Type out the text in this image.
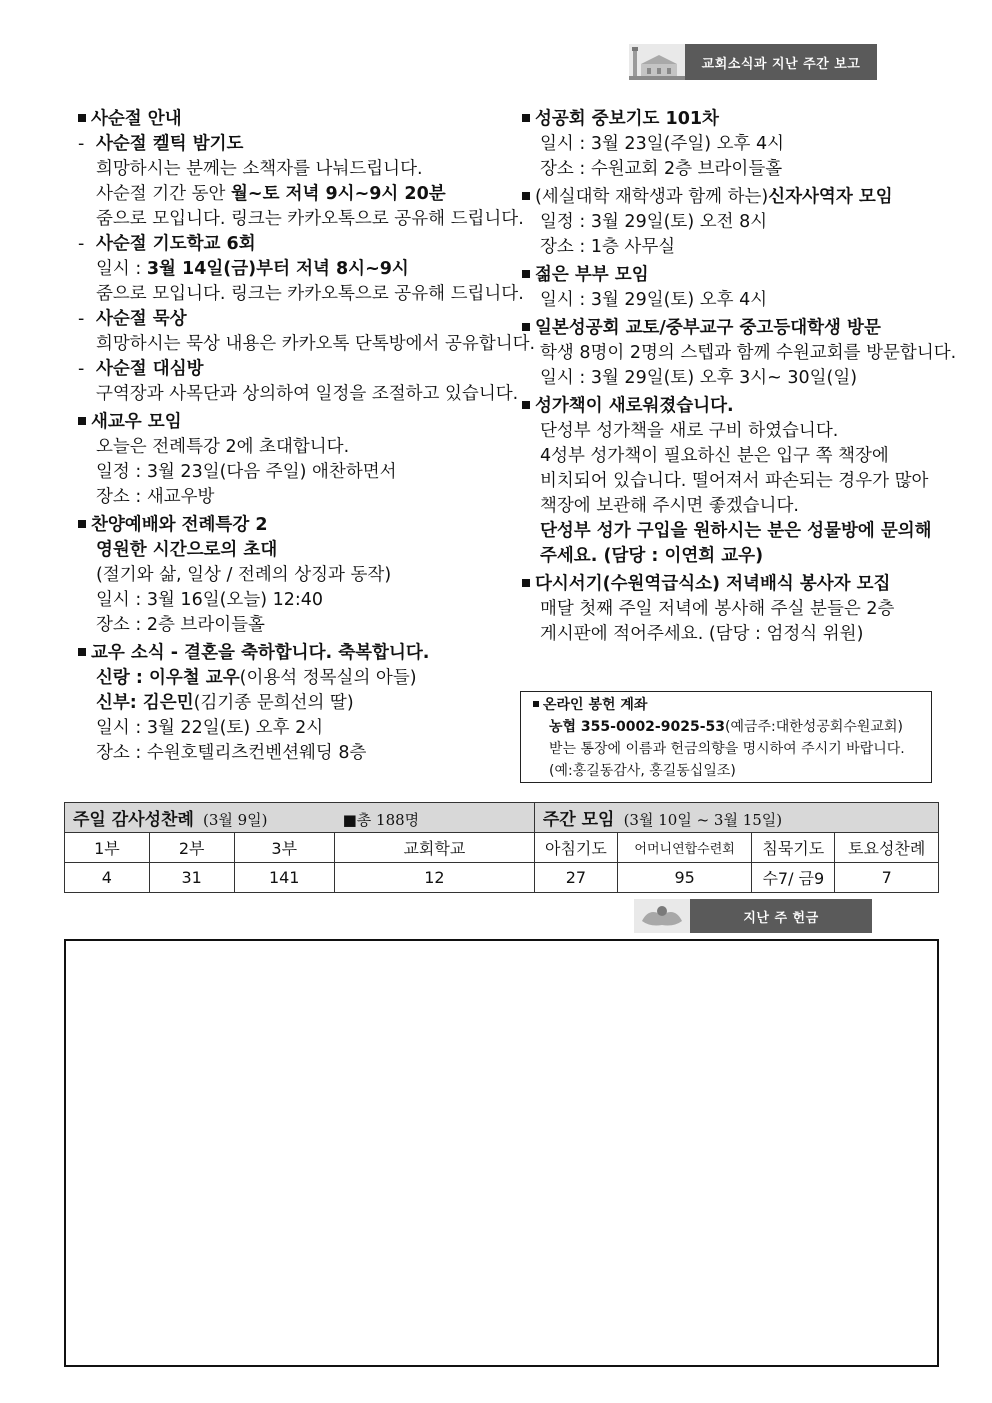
교회소식과 지난 주간 보고
사순절 안내
- 사순절 켈틱 밤기도
희망하시는 분께는 소책자를 나눠드립니다.
사순절 기간 동안 월~토 저녁 9시~9시 20분
줌으로 모입니다. 링크는 카카오톡으로 공유해 드립니다.
- 사순절 기도학교 6회
일시 : 3월 14일(금)부터 저녁 8시~9시
줌으로 모입니다. 링크는 카카오톡으로 공유해 드립니다.
- 사순절 묵상
희망하시는 묵상 내용은 카카오톡 단톡방에서 공유합니다.
- 사순절 대심방
구역장과 사목단과 상의하여 일정을 조절하고 있습니다.
새교우 모임
오늘은 전례특강 2에 초대합니다.
일정 : 3월 23일(다음 주일) 애찬하면서
장소 : 새교우방
찬양예배와 전례특강 2
영원한 시간으로의 초대
(절기와 삶, 일상 / 전례의 상징과 동작)
일시 : 3월 16일(오늘) 12:40
장소 : 2층 브라이들홀
교우 소식 - 결혼을 축하합니다. 축복합니다.
신랑 : 이우철 교우(이용석 정목실의 아들)
신부: 김은민(김기종 문희선의 딸)
일시 : 3월 22일(토) 오후 2시
장소 : 수원호텔리츠컨벤션웨딩 8층
성공회 중보기도 101차
일시 : 3월 23일(주일) 오후 4시
장소 : 수원교회 2층 브라이들홀
(세실대학 재학생과 함께 하는)신자사역자 모임
일정 : 3월 29일(토) 오전 8시
장소 : 1층 사무실
젊은 부부 모임
일시 : 3월 29일(토) 오후 4시
일본성공회 교토/중부교구 중고등대학생 방문
학생 8명이 2명의 스텝과 함께 수원교회를 방문합니다.
일시 : 3월 29일(토) 오후 3시~ 30일(일)
성가책이 새로워졌습니다.
단성부 성가책을 새로 구비 하였습니다.
4성부 성가책이 필요하신 분은 입구 쪽 책장에
비치되어 있습니다. 떨어져서 파손되는 경우가 많아
책장에 보관해 주시면 좋겠습니다.
단성부 성가 구입을 원하시는 분은 성물방에 문의해
주세요. (담당 : 이연희 교우)
다시서기(수원역급식소) 저녁배식 봉사자 모집
매달 첫째 주일 저녁에 봉사해 주실 분들은 2층
게시판에 적어주세요. (담당 : 엄정식 위원)
온라인 봉헌 계좌
농협 355-0002-9025-53(예금주:대한성공회수원교회)
받는 통장에 이름과 헌금의향을 명시하여 주시기 바랍니다.
(예:홍길동감사, 홍길동십일조)
주일 감사성찬례 (3월 9일) ■총 188명				주간 모임 (3월 10일 ~ 3월 15일)			
1부	2부	3부	교회학교	아침기도	어머니연합수련회	침묵기도	토요성찬례
4	31	141	12	27	95	수7/ 금9	7
지난 주 헌금
